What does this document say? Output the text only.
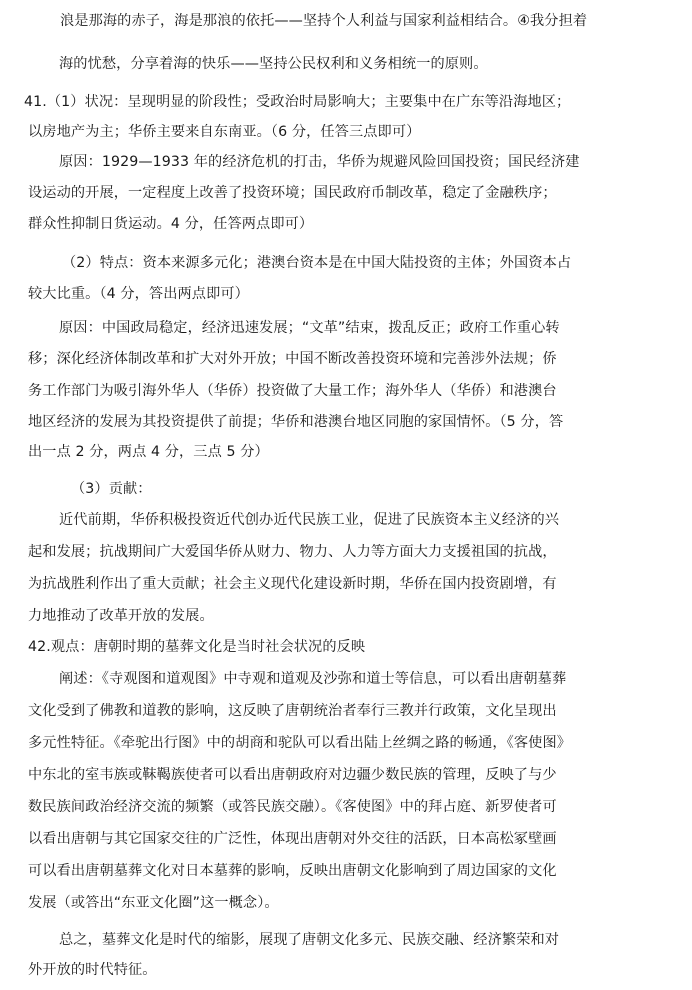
浪是那海的赤子，海是那浪的依托——坚持个人利益与国家利益相结合。④我分担着
海的忧愁，分享着海的快乐——坚持公民权利和义务相统一的原则。
41.（1）状况：呈现明显的阶段性；受政治时局影响大；主要集中在广东等沿海地区；
以房地产为主；华侨主要来自东南亚。（6 分，任答三点即可）
原因：1929—1933 年的经济危机的打击，华侨为规避风险回国投资；国民经济建
设运动的开展，一定程度上改善了投资环境；国民政府币制改革，稳定了金融秩序；
群众性抑制日货运动。4 分，任答两点即可）
（2）特点：资本来源多元化；港澳台资本是在中国大陆投资的主体；外国资本占
较大比重。（4 分，答出两点即可）
原因：中国政局稳定，经济迅速发展；“文革”结束，拨乱反正；政府工作重心转
移；深化经济体制改革和扩大对外开放；中国不断改善投资环境和完善涉外法规；侨
务工作部门为吸引海外华人（华侨）投资做了大量工作；海外华人（华侨）和港澳台
地区经济的发展为其投资提供了前提；华侨和港澳台地区同胞的家国情怀。（5 分，答
出一点 2 分，两点 4 分，三点 5 分）
（3）贡献：
近代前期，华侨积极投资近代创办近代民族工业，促进了民族资本主义经济的兴
起和发展；抗战期间广大爱国华侨从财力、物力、人力等方面大力支援祖国的抗战，
为抗战胜利作出了重大贡献；社会主义现代化建设新时期，华侨在国内投资剧增，有
力地推动了改革开放的发展。
42.观点：唐朝时期的墓葬文化是当时社会状况的反映
阐述：《寺观图和道观图》中寺观和道观及沙弥和道士等信息，可以看出唐朝墓葬
文化受到了佛教和道教的影响，这反映了唐朝统治者奉行三教并行政策，文化呈现出
多元性特征。《牵驼出行图》中的胡商和驼队可以看出陆上丝绸之路的畅通，《客使图》
中东北的室韦族或靺鞨族使者可以看出唐朝政府对边疆少数民族的管理，反映了与少
数民族间政治经济交流的频繁（或答民族交融）。《客使图》中的拜占庭、新罗使者可
以看出唐朝与其它国家交往的广泛性，体现出唐朝对外交往的活跃，日本高松冢壁画
可以看出唐朝墓葬文化对日本墓葬的影响，反映出唐朝文化影响到了周边国家的文化
发展（或答出“东亚文化圈”这一概念）。
总之，墓葬文化是时代的缩影，展现了唐朝文化多元、民族交融、经济繁荣和对
外开放的时代特征。
